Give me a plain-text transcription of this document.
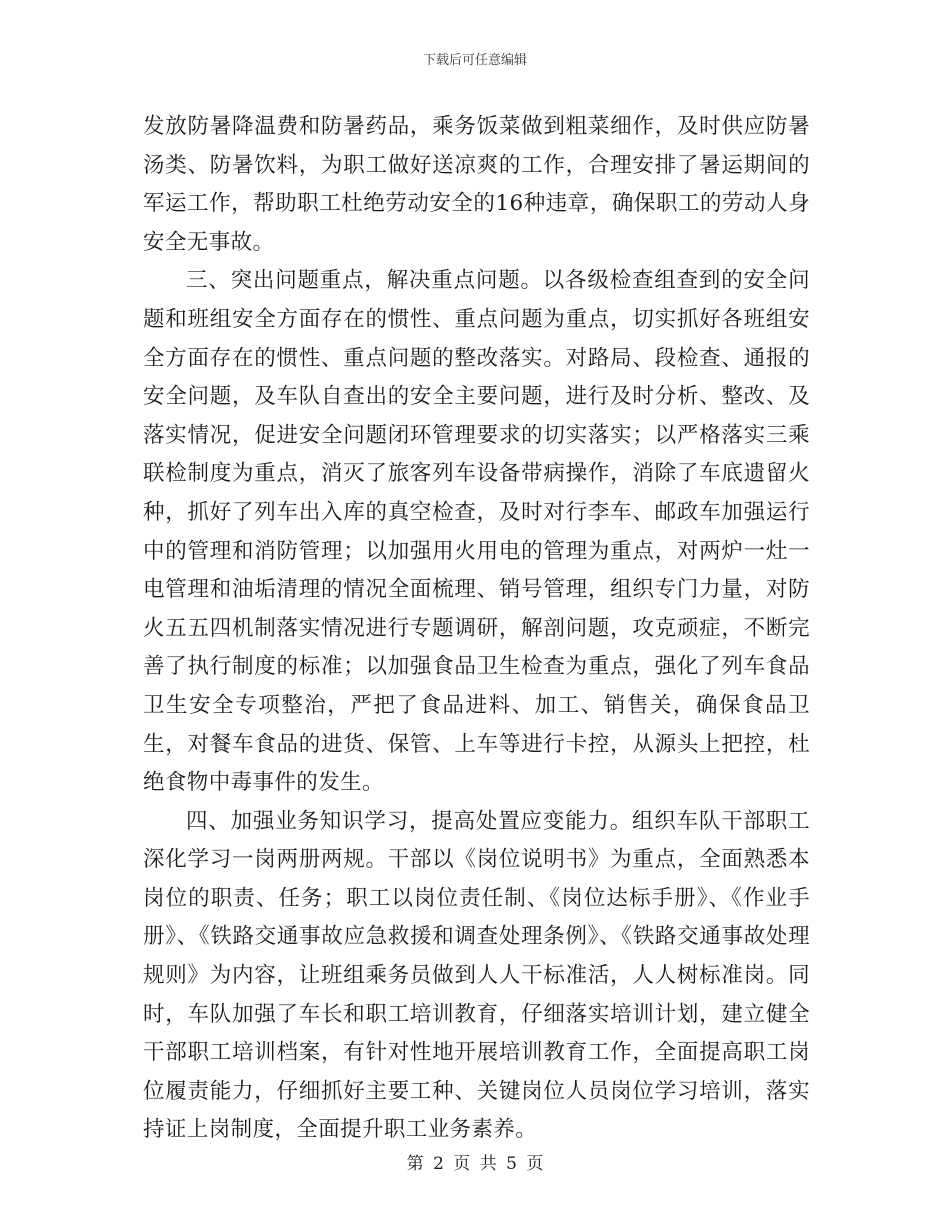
下载后可任意编辑

发放防暑降温费和防暑药品，乘务饭菜做到粗菜细作，及时供应防暑汤类、防暑饮料，为职工做好送凉爽的工作，合理安排了暑运期间的军运工作，帮助职工杜绝劳动安全的16种违章，确保职工的劳动人身安全无事故。

三、突出问题重点，解决重点问题。以各级检查组查到的安全问题和班组安全方面存在的惯性、重点问题为重点，切实抓好各班组安全方面存在的惯性、重点问题的整改落实。对路局、段检查、通报的安全问题，及车队自查出的安全主要问题，进行及时分析、整改、及落实情况，促进安全问题闭环管理要求的切实落实；以严格落实三乘联检制度为重点，消灭了旅客列车设备带病操作，消除了车底遗留火种，抓好了列车出入库的真空检查，及时对行李车、邮政车加强运行中的管理和消防管理；以加强用火用电的管理为重点，对两炉一灶一电管理和油垢清理的情况全面梳理、销号管理，组织专门力量，对防火五五四机制落实情况进行专题调研，解剖问题，攻克顽症，不断完善了执行制度的标准；以加强食品卫生检查为重点，强化了列车食品卫生安全专项整治，严把了食品进料、加工、销售关，确保食品卫生，对餐车食品的进货、保管、上车等进行卡控，从源头上把控，杜绝食物中毒事件的发生。

四、加强业务知识学习，提高处置应变能力。组织车队干部职工深化学习一岗两册两规。干部以《岗位说明书》为重点，全面熟悉本岗位的职责、任务；职工以岗位责任制、《岗位达标手册》、《作业手册》、《铁路交通事故应急救援和调查处理条例》、《铁路交通事故处理规则》为内容，让班组乘务员做到人人干标准活，人人树标准岗。同时，车队加强了车长和职工培训教育，仔细落实培训计划，建立健全干部职工培训档案，有针对性地开展培训教育工作，全面提高职工岗位履责能力，仔细抓好主要工种、关键岗位人员岗位学习培训，落实持证上岗制度，全面提升职工业务素养。

第 2 页 共 5 页
